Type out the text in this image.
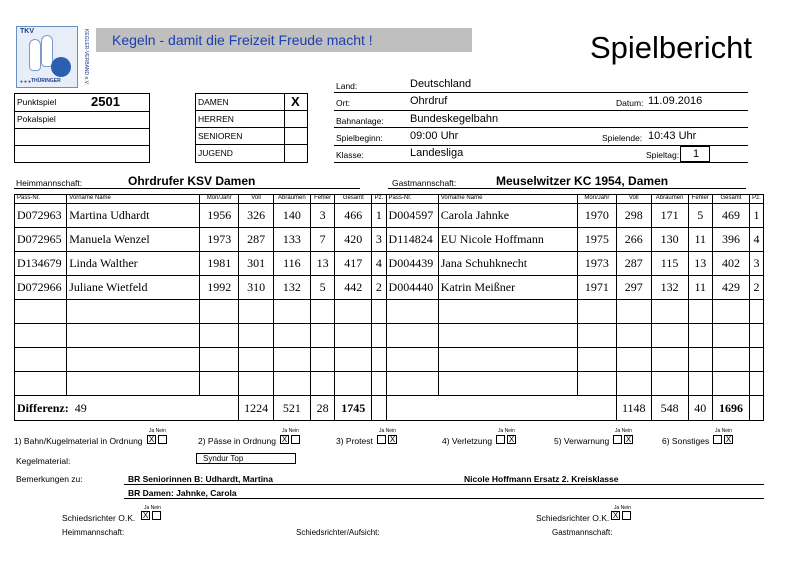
TKV
●●●
THÜRINGER	KEGLER-VERBAND e.V.	Kegeln - damit die Freizeit Freude macht !	Spielbericht
Punktspiel	2501
Pokalspiel
DAMEN	X
HERREN
SENIOREN
JUGEND
Land:	Deutschland
Ort:	Ohrdruf	Datum: 11.09.2016
Bahnanlage: Bundeskegelbahn
Spielbeginn: 09:00 Uhr	Spielende: 10:43 Uhr
Klasse:	Landesliga	Spieltag: 1
Heimmannschaft:	Ohrdrufer KSV Damen	Gastmannschaft:	Meuselwitzer KC 1954, Damen
Pass-Nr.	Vorname Name	Mon/Jahr	Voll	Abräumen	Fehler	Gesamt	Pz.	Pass-Nr.	Vorname Name	Mon/Jahr	Voll	Abräumen	Fehler	Gesamt	Pz.
D072963	Martina Udhardt	1956	326	140	3	466	1	D004597	Carola Jahnke	1970	298	171	5	469	1
D072965	Manuela Wenzel	1973	287	133	7	420	3	D114824	EU Nicole Hoffmann	1975	266	130	11	396	4
D134679	Linda Walther	1981	301	116	13	417	4	D004439	Jana Schuhknecht	1973	287	115	13	402	3
D072966	Juliane Wietfeld	1992	310	132	5	442	2	D004440	Katrin Meißner	1971	297	132	11	429	2

Differenz: 49			1224	521	28	1745					1148	548	40	1696	
1) Bahn/Kugelmaterial in Ordnung	2) Pässe in Ordnung	3) Protest	4) Verletzung	5) Verwarnung	6) Sonstiges
Ja Nein
X
Ja Nein
X
Ja Nein
X
Ja Nein
X
Ja Nein
X
Ja Nein
X
Kegelmaterial:	Syndur Top
Bemerkungen zu:	BR Seniorinnen B: Udhardt, Martina	Nicole Hoffmann Ersatz 2. Kreisklasse
BR Damen: Jahnke, Carola
Ja Nein
Schiedsrichter O.K. X
Ja Nein
Schiedsrichter O.K. X
Heimmannschaft:	Schiedsrichter/Aufsicht:	Gastmannschaft:
